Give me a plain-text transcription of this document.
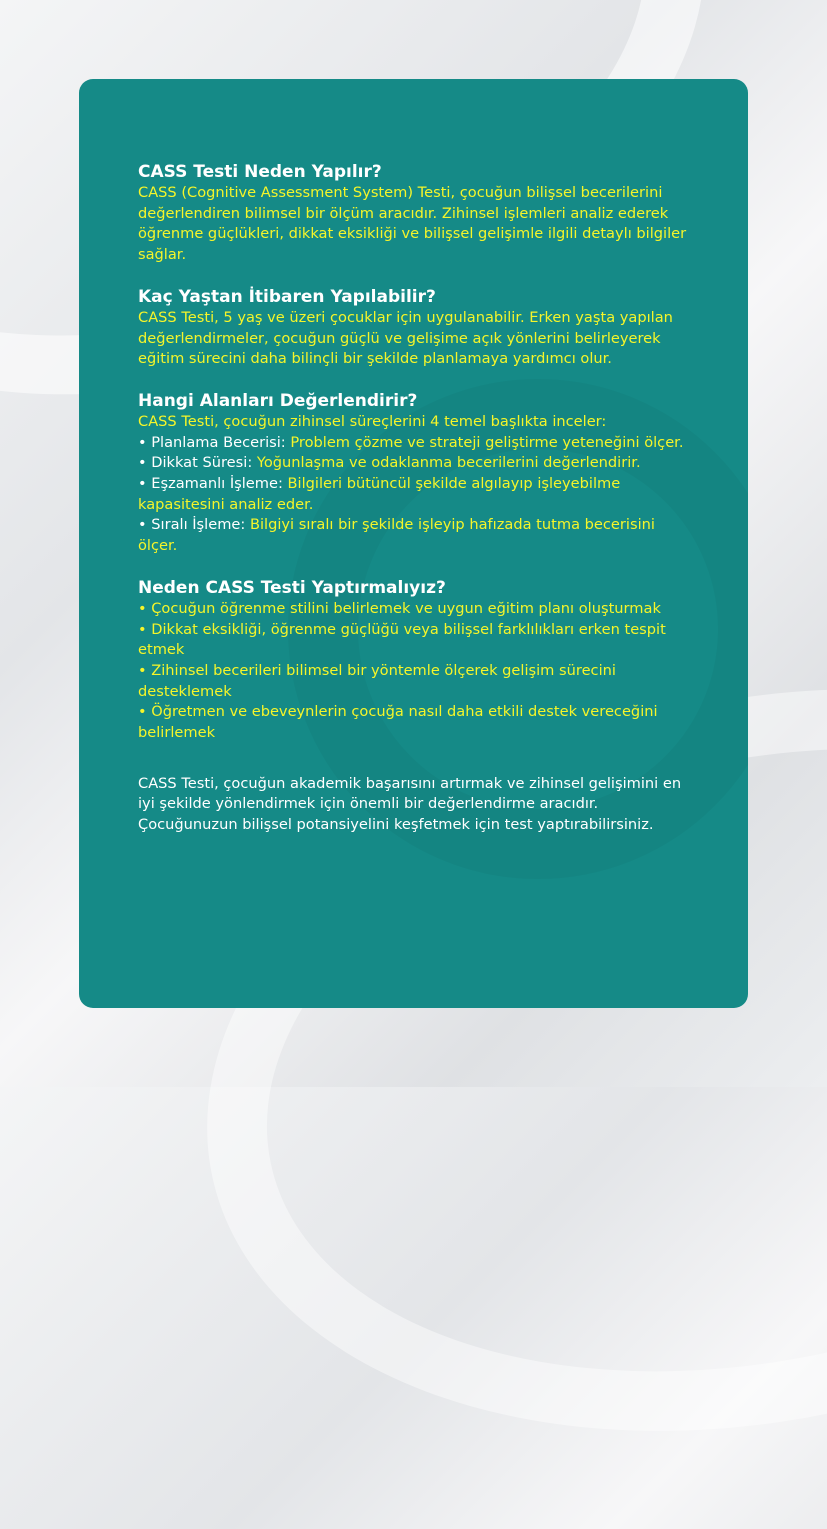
CASS Testi Neden Yapılır?

CASS (Cognitive Assessment System) Testi, çocuğun bilişsel becerilerini değerlendiren bilimsel bir ölçüm aracıdır. Zihinsel işlemleri analiz ederek öğrenme güçlükleri, dikkat eksikliği ve bilişsel gelişimle ilgili detaylı bilgiler sağlar.

Kaç Yaştan İtibaren Yapılabilir?

CASS Testi, 5 yaş ve üzeri çocuklar için uygulanabilir. Erken yaşta yapılan değerlendirmeler, çocuğun güçlü ve gelişime açık yönlerini belirleyerek eğitim sürecini daha bilinçli bir şekilde planlamaya yardımcı olur.

Hangi Alanları Değerlendirir?

CASS Testi, çocuğun zihinsel süreçlerini 4 temel başlıkta inceler:

• Planlama Becerisi: Problem çözme ve strateji geliştirme yeteneğini ölçer.

• Dikkat Süresi: Yoğunlaşma ve odaklanma becerilerini değerlendirir.

• Eşzamanlı İşleme: Bilgileri bütüncül şekilde algılayıp işleyebilme kapasitesini analiz eder.

• Sıralı İşleme: Bilgiyi sıralı bir şekilde işleyip hafızada tutma becerisini ölçer.

Neden CASS Testi Yaptırmalıyız?

• Çocuğun öğrenme stilini belirlemek ve uygun eğitim planı oluşturmak

• Dikkat eksikliği, öğrenme güçlüğü veya bilişsel farklılıkları erken tespit etmek

• Zihinsel becerileri bilimsel bir yöntemle ölçerek gelişim sürecini desteklemek

• Öğretmen ve ebeveynlerin çocuğa nasıl daha etkili destek vereceğini belirlemek

CASS Testi, çocuğun akademik başarısını artırmak ve zihinsel gelişimini en iyi şekilde yönlendirmek için önemli bir değerlendirme aracıdır. Çocuğunuzun bilişsel potansiyelini keşfetmek için test yaptırabilirsiniz.
